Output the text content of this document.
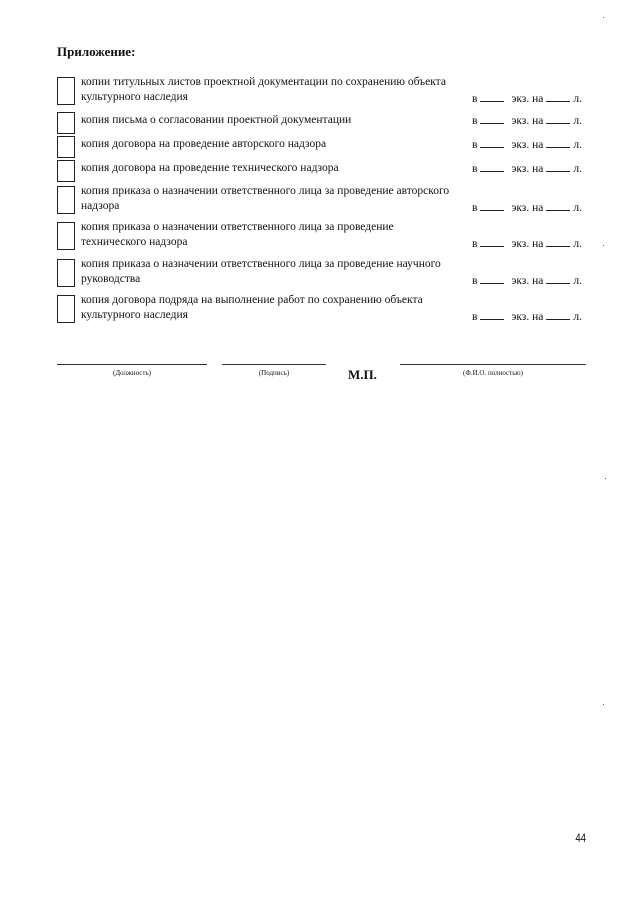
Приложение:
копии титульных листов проектной документации по сохранению объекта культурного наследия	в	экз. на	л.
копия письма о согласовании проектной документации	в	экз. на	л.
копия договора на проведение авторского надзора	в	экз. на	л.
копия договора на проведение технического надзора	в	экз. на	л.
копия приказа о назначении ответственного лица за проведение авторского надзора	в	экз. на	л.
копия приказа о назначении ответственного лица за проведение технического надзора	в	экз. на	л.
копия приказа о назначении ответственного лица за проведение научного руководства	в	экз. на	л.
копия договора подряда на выполнение работ по сохранению объекта культурного наследия	в	экз. на	л.
(Должность)	(Подпись)	М.П.	(Ф.И.О. полностью)
44
